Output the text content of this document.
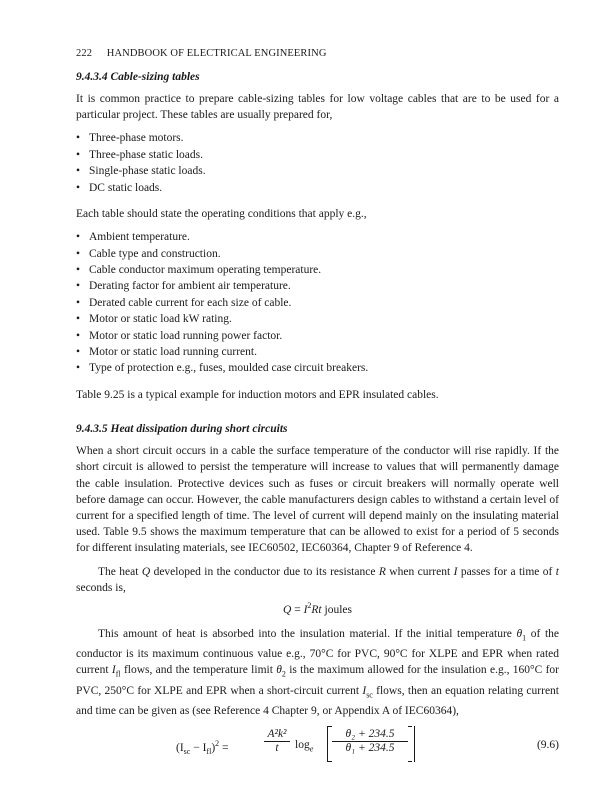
222 HANDBOOK OF ELECTRICAL ENGINEERING
9.4.3.4 Cable-sizing tables

It is common practice to prepare cable-sizing tables for low voltage cables that are to be used for a particular project. These tables are usually prepared for,

• Three-phase motors.
• Three-phase static loads.
• Single-phase static loads.
• DC static loads.

Each table should state the operating conditions that apply e.g.,

• Ambient temperature.
• Cable type and construction.
• Cable conductor maximum operating temperature.
• Derating factor for ambient air temperature.
• Derated cable current for each size of cable.
• Motor or static load kW rating.
• Motor or static load running power factor.
• Motor or static load running current.
• Type of protection e.g., fuses, moulded case circuit breakers.

Table 9.25 is a typical example for induction motors and EPR insulated cables.

9.4.3.5 Heat dissipation during short circuits

When a short circuit occurs in a cable the surface temperature of the conductor will rise rapidly. If the short circuit is allowed to persist the temperature will increase to values that will permanently damage the cable insulation. Protective devices such as fuses or circuit breakers will normally operate well before damage can occur. However, the cable manufacturers design cables to withstand a certain level of current for a specified length of time. The level of current will depend mainly on the insulating material used. Table 9.5 shows the maximum temperature that can be allowed to exist for a period of 5 seconds for different insulating materials, see IEC60502, IEC60364, Chapter 9 of Reference 4.

The heat Q developed in the conductor due to its resistance R when current I passes for a time of t seconds is,

$Q = I^2Rt$ joules

This amount of heat is absorbed into the insulation material. If the initial temperature $\theta_1$ of the conductor is its maximum continuous value e.g., 70°C for PVC, 90°C for XLPE and EPR when rated current $I_{fl}$ flows, and the temperature limit $\theta_2$ is the maximum allowed for the insulation e.g., 160°C for PVC, 250°C for XLPE and EPR when a short-circuit current $I_{sc}$ flows, then an equation relating current and time can be given as (see Reference 4 Chapter 9, or Appendix A of IEC60364),

$(I_{sc} - I_{fl})^2$ =	$\frac{\text{A²k²}}{t} \log_e \frac{\text{θ₂ + 234.5}}{\text{θ₁ + 234.5}}$	(9.6)
